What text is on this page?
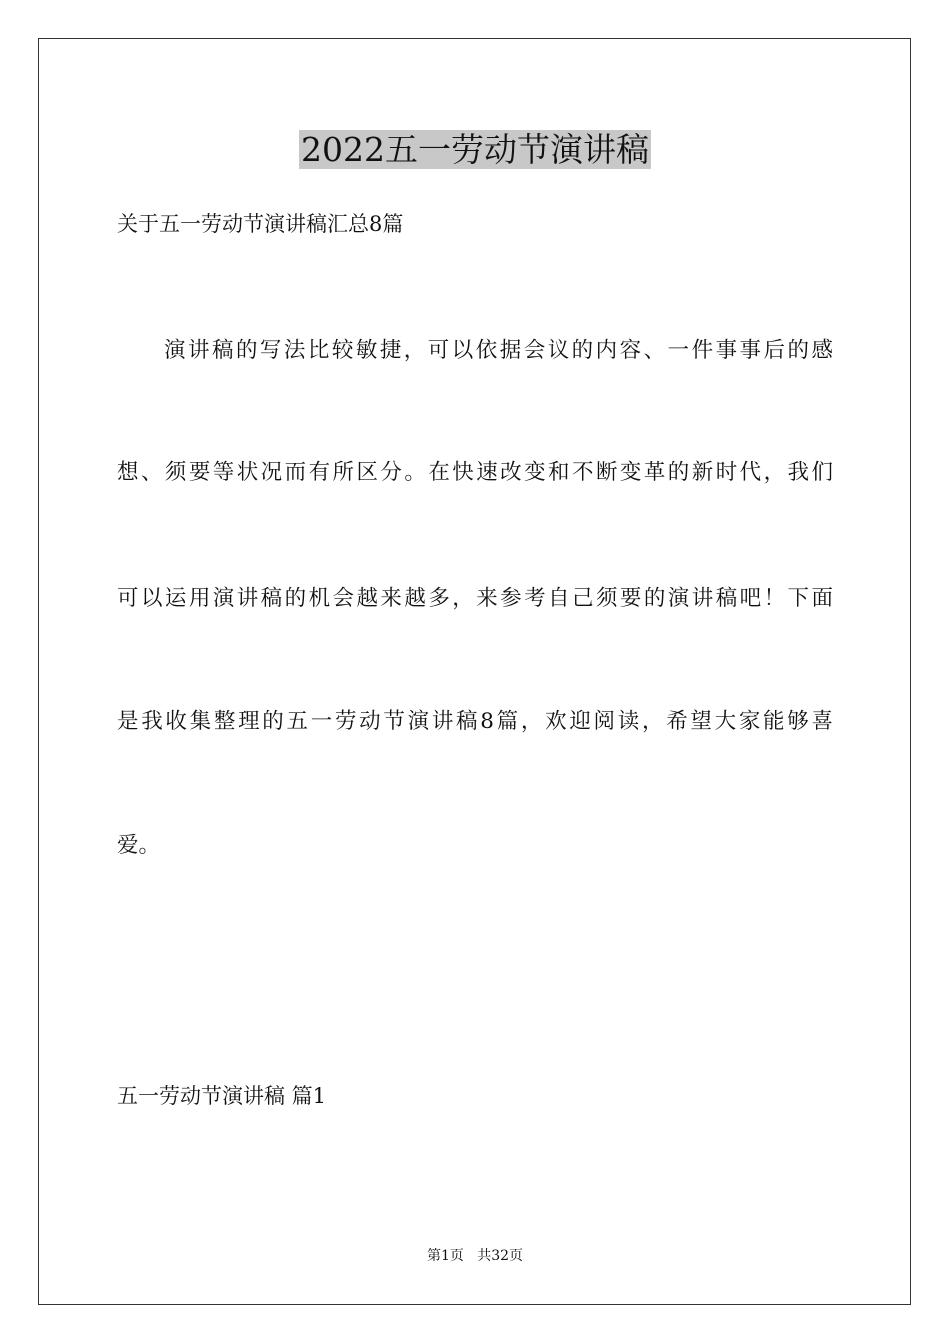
2022五一劳动节演讲稿
关于五一劳动节演讲稿汇总8篇
演讲稿的写法比较敏捷，可以依据会议的内容、一件事事后的感
想、须要等状况而有所区分。在快速改变和不断变革的新时代，我们
可以运用演讲稿的机会越来越多，来参考自己须要的演讲稿吧！下面
是我收集整理的五一劳动节演讲稿8篇，欢迎阅读，希望大家能够喜
爱。
五一劳动节演讲稿 篇1
第1页   共32页
